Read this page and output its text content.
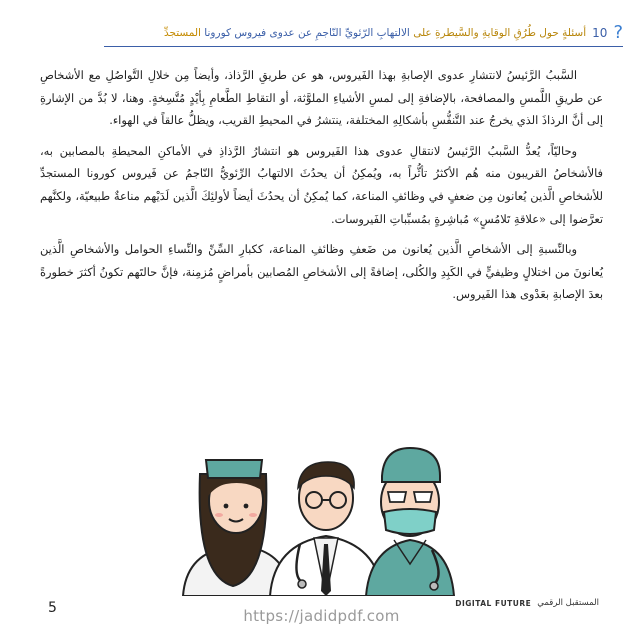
?
10
أسئلةٍ حول طُرُقِ الوقايةِ والسَّيطرةِ على الالتهابِ الرّئويِّ النّاجمِ عن عدوى فيروس كورونا المستجدِّ

السَّببُ الرَّئيسُ لانتشارِ عدوى الإصابةِ بهذا الفَيروس، هو عن طريقِ الرَّذاذ، وأيضاً مِن خلالِ التَّواصُلِ مع الأشخاصِ عن طريقِ اللَّمسِ والمصافحة، بالإضافةِ إلى لمسِ الأشياءِ الملوَّثة، أو التقاطِ الطَّعامِ بِأيْدٍ مُتَّسِخةٍ. وهنا، لا بُدَّ من الإشارةِ إلى أنَّ الرذاذَ الذي يخرجُ عند التَّنفُّسِ بأشكالِهِ المختلفة، ينتشرُ في المحيطِ القريب، ويظلُّ عالقاً في الهواء.

وحاليّاً، يُعدُّ السَّببُ الرَّئيسُ لانتقالِ عدوى هذا الفَيروس هو انتشارُ الرَّذاذِ في الأماكنِ المحيطةِ بالمصابين به، فالأشخاصُ القريبون منه هُم الأكثرُ تأثُّراً به، ويُمكِنُ أن يحدُثَ الالتهابُ الرِّئويُّ النّاجمُ عن فَيروس كورونا المستجدِّ للأشخاصِ الَّذين يُعانون مِن ضعفٍ في وظائفِ المناعة، كما يُمكِنُ أن يحدُثَ أيضاً لأولئِكَ الَّذين لَدَيْهم مناعةٌ طبيعيّة، ولكنَّهم تعرَّضوا إلى «علاقةِ تَلامُسٍ» مُباشِرةٍ بمُسبِّباتِ الفَيروسات.

وبالنِّسبةِ إلى الأشخاصِ الَّذين يُعانون من ضَعفِ وظائفِ المناعة، ككبارِ السِّنِّ والنِّساءِ الحوامل والأشخاصِ الَّذين يُعانونَ من اختلالٍ وظيفيٍّ في الكَبِدِ والكُلى، إضافةً إلى الأشخاصِ المُصابين بأمراضٍ مُزمِنة، فإنَّ حالتَهم تكونُ أكثرَ خطورةً بعدَ الإصابةِ بعَدْوى هذا الفَيروس.

5	https://jadidpdf.com
DIGITAL FUTURE المستقبل الرقمي
